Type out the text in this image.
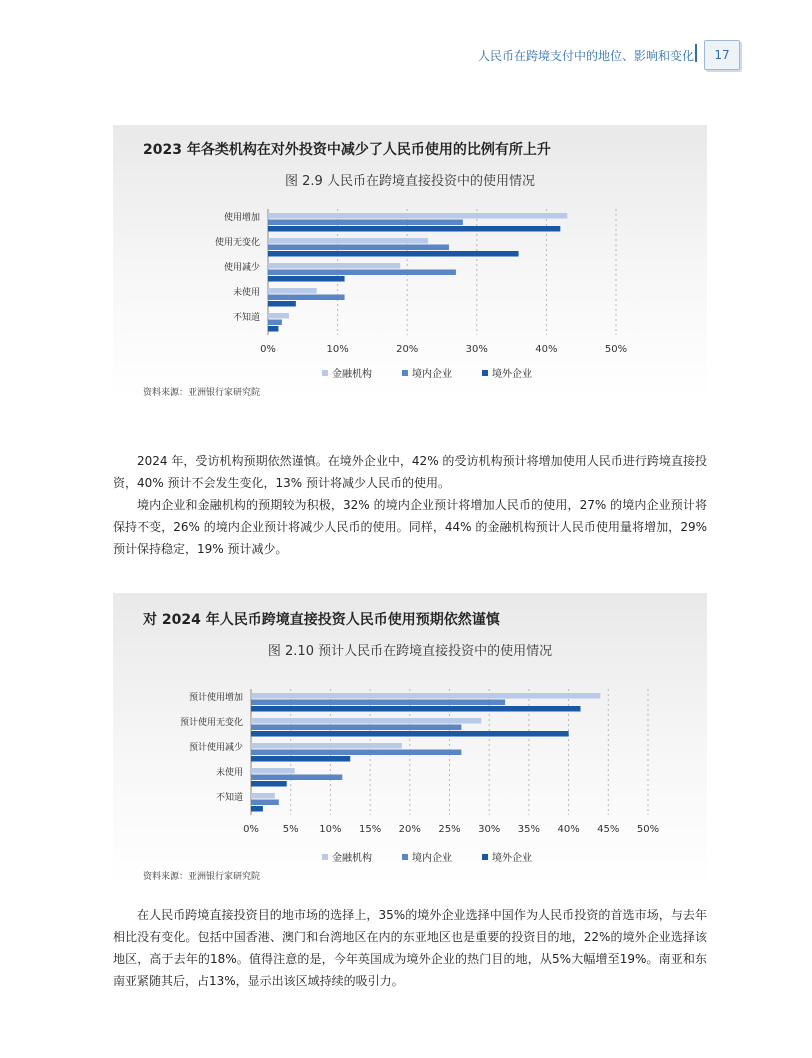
人民币在跨境支付中的地位、影响和变化	17
2023 年各类机构在对外投资中减少了人民币使用的比例有所上升
图 2.9 人民币在跨境直接投资中的使用情况
0%	10%	20%	30%	40%	50%
使用增加
使用无变化
使用减少
未使用
不知道
金融机构	境内企业	境外企业
资料来源：亚洲银行家研究院

2024 年，受访机构预期依然谨慎。在境外企业中，42% 的受访机构预计将增加使用人民币进行跨境直接投资，40% 预计不会发生变化，13% 预计将减少人民币的使用。

境内企业和金融机构的预期较为积极，32% 的境内企业预计将增加人民币的使用，27% 的境内企业预计将保持不变，26% 的境内企业预计将减少人民币的使用。同样，44% 的金融机构预计人民币使用量将增加，29% 预计保持稳定，19% 预计减少。

对 2024 年人民币跨境直接投资人民币使用预期依然谨慎
图 2.10 预计人民币在跨境直接投资中的使用情况
0% 5% 10% 15% 20% 25% 30% 35% 40% 45% 50%
预计使用增加
预计使用无变化
预计使用减少
未使用
不知道
金融机构	境内企业	境外企业
资料来源：亚洲银行家研究院

在人民币跨境直接投资目的地市场的选择上，35%的境外企业选择中国作为人民币投资的首选市场，与去年相比没有变化。包括中国香港、澳门和台湾地区在内的东亚地区也是重要的投资目的地，22%的境外企业选择该地区，高于去年的18%。值得注意的是，今年英国成为境外企业的热门目的地，从5%大幅增至19%。南亚和东南亚紧随其后，占13%，显示出该区域持续的吸引力。
